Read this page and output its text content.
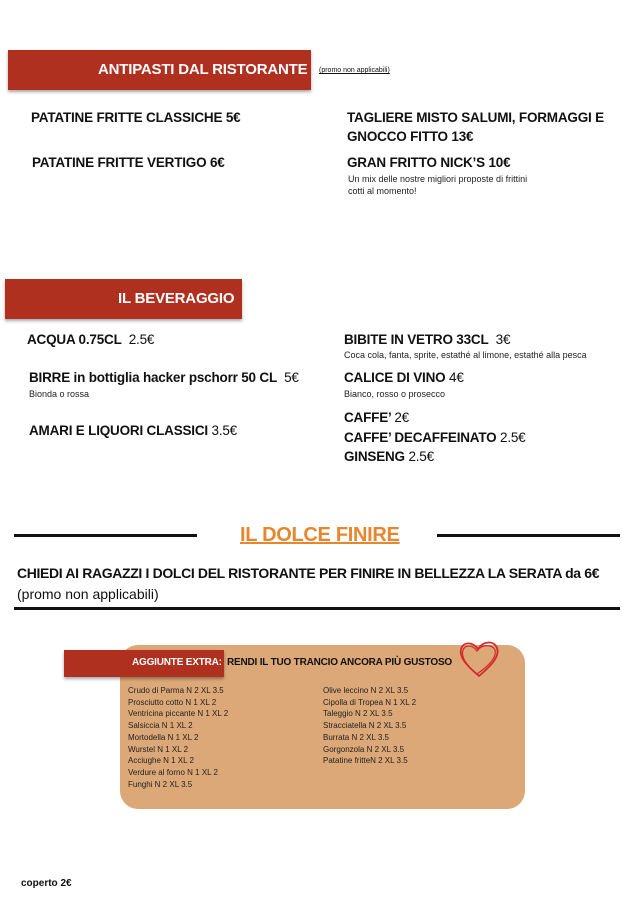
ANTIPASTI DAL RISTORANTE (promo non applicabili)
PATATINE FRITTE CLASSICHE 5€
PATATINE FRITTE VERTIGO 6€
TAGLIERE MISTO SALUMI, FORMAGGI E
GNOCCO FITTO 13€
GRAN FRITTO NICK’S 10€
Un mix delle nostre migliori proposte di frittini
cotti al momento!
IL BEVERAGGIO
ACQUA 0.75CL 2.5€
BIRRE in bottiglia hacker pschorr 50 CL 5€
Bionda o rossa
AMARI E LIQUORI CLASSICI 3.5€
BIBITE IN VETRO 33CL 3€
Coca cola, fanta, sprite, estathé al limone, estathé alla pesca
CALICE DI VINO 4€
Bianco, rosso o prosecco
CAFFE’ 2€
CAFFE’ DECAFFEINATO 2.5€
GINSENG 2.5€
IL DOLCE FINIRE
CHIEDI AI RAGAZZI I DOLCI DEL RISTORANTE PER FINIRE IN BELLEZZA LA SERATA da 6€
(promo non applicabili)
AGGIUNTE EXTRA: RENDI IL TUO TRANCIO ANCORA PIÙ GUSTOSO
Crudo di Parma N 2 XL 3.5
Prosciutto cotto N 1 XL 2
Ventricina piccante N 1 XL 2
Salsiccia N 1 XL 2
Mortodella N 1 XL 2
Wurstel N 1 XL 2
Acciughe N 1 XL 2
Verdure al forno N 1 XL 2
Funghi N 2 XL 3.5
Olive leccino N 2 XL 3.5
Cipolla di Tropea N 1 XL 2
Taleggio N 2 XL 3.5
Stracciatella N 2 XL 3.5
Burrata N 2 XL 3.5
Gorgonzola N 2 XL 3.5
Patatine fritteN 2 XL 3.5
coperto 2€
